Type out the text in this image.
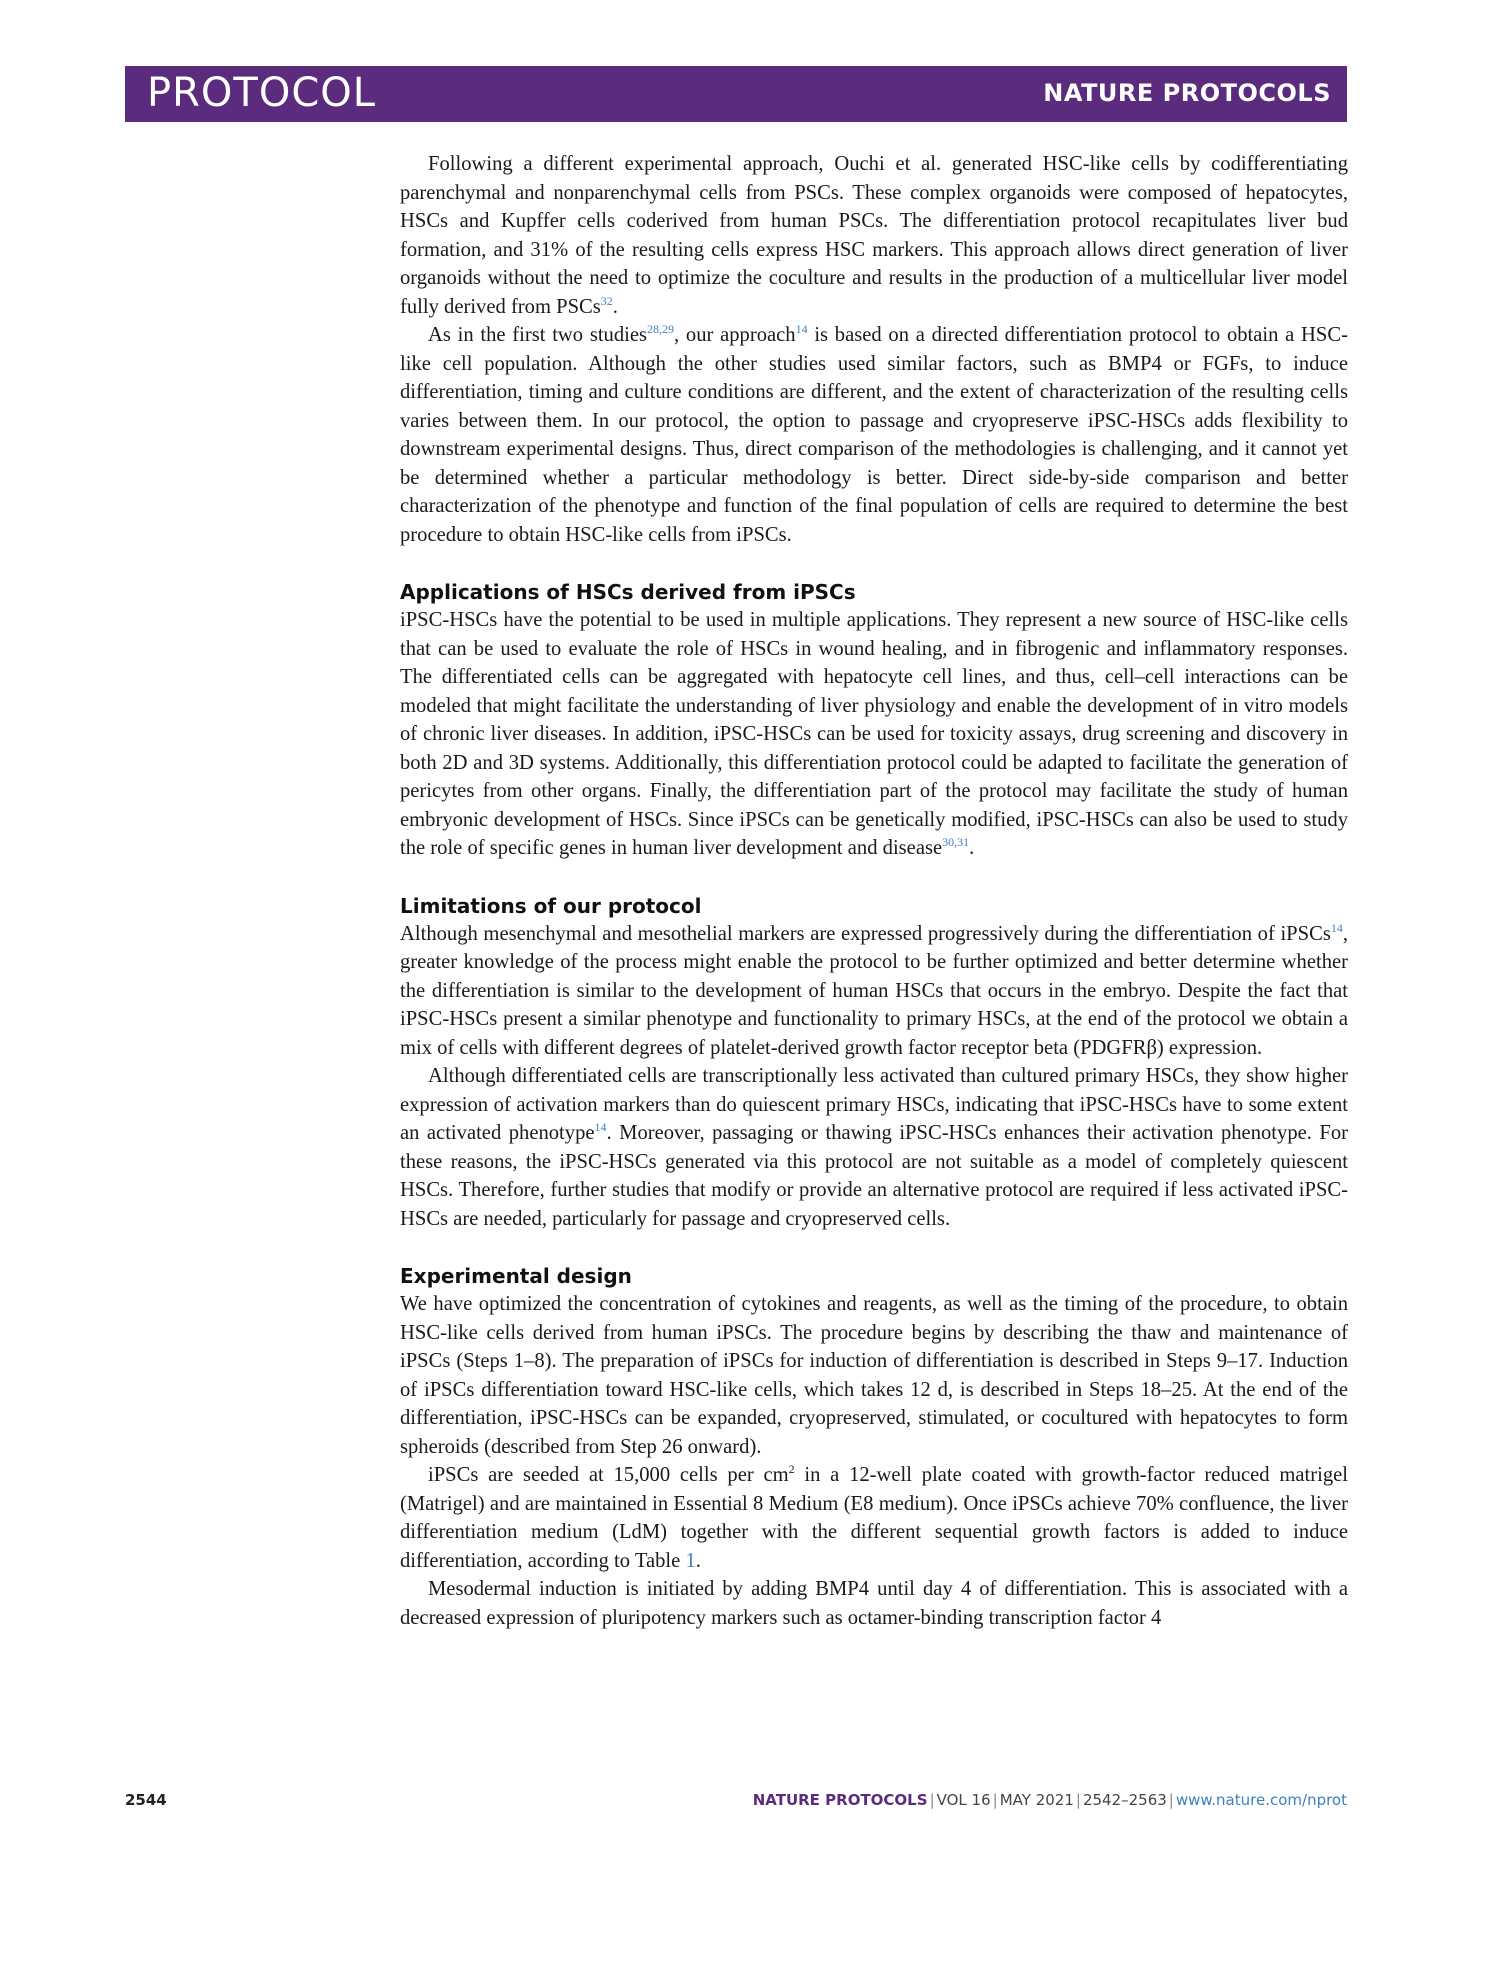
PROTOCOL	NATURE PROTOCOLS

Following a different experimental approach, Ouchi et al. generated HSC-like cells by codifferentiating parenchymal and nonparenchymal cells from PSCs. These complex organoids were composed of hepatocytes, HSCs and Kupffer cells coderived from human PSCs. The differentiation protocol recapitulates liver bud formation, and 31% of the resulting cells express HSC markers. This approach allows direct generation of liver organoids without the need to optimize the coculture and results in the production of a multicellular liver model fully derived from PSCs$^{32}$.

As in the first two studies$^{28,29}$, our approach$^{14}$ is based on a directed differentiation protocol to obtain a HSC-like cell population. Although the other studies used similar factors, such as BMP4 or FGFs, to induce differentiation, timing and culture conditions are different, and the extent of characterization of the resulting cells varies between them. In our protocol, the option to passage and cryopreserve iPSC-HSCs adds flexibility to downstream experimental designs. Thus, direct comparison of the methodologies is challenging, and it cannot yet be determined whether a particular methodology is better. Direct side-by-side comparison and better characterization of the phenotype and function of the final population of cells are required to determine the best procedure to obtain HSC-like cells from iPSCs.

Applications of HSCs derived from iPSCs

iPSC-HSCs have the potential to be used in multiple applications. They represent a new source of HSC-like cells that can be used to evaluate the role of HSCs in wound healing, and in fibrogenic and inflammatory responses. The differentiated cells can be aggregated with hepatocyte cell lines, and thus, cell–cell interactions can be modeled that might facilitate the understanding of liver physiology and enable the development of in vitro models of chronic liver diseases. In addition, iPSC-HSCs can be used for toxicity assays, drug screening and discovery in both 2D and 3D systems. Additionally, this differentiation protocol could be adapted to facilitate the generation of pericytes from other organs. Finally, the differentiation part of the protocol may facilitate the study of human embryonic development of HSCs. Since iPSCs can be genetically modified, iPSC-HSCs can also be used to study the role of specific genes in human liver development and disease$^{30,31}$.

Limitations of our protocol

Although mesenchymal and mesothelial markers are expressed progressively during the differentiation of iPSCs$^{14}$, greater knowledge of the process might enable the protocol to be further optimized and better determine whether the differentiation is similar to the development of human HSCs that occurs in the embryo. Despite the fact that iPSC-HSCs present a similar phenotype and functionality to primary HSCs, at the end of the protocol we obtain a mix of cells with different degrees of platelet-derived growth factor receptor beta (PDGFRβ) expression.

Although differentiated cells are transcriptionally less activated than cultured primary HSCs, they show higher expression of activation markers than do quiescent primary HSCs, indicating that iPSC-HSCs have to some extent an activated phenotype$^{14}$. Moreover, passaging or thawing iPSC-HSCs enhances their activation phenotype. For these reasons, the iPSC-HSCs generated via this protocol are not suitable as a model of completely quiescent HSCs. Therefore, further studies that modify or provide an alternative protocol are required if less activated iPSC-HSCs are needed, particularly for passage and cryopreserved cells.

Experimental design

We have optimized the concentration of cytokines and reagents, as well as the timing of the procedure, to obtain HSC-like cells derived from human iPSCs. The procedure begins by describing the thaw and maintenance of iPSCs (Steps 1–8). The preparation of iPSCs for induction of differentiation is described in Steps 9–17. Induction of iPSCs differentiation toward HSC-like cells, which takes 12 d, is described in Steps 18–25. At the end of the differentiation, iPSC-HSCs can be expanded, cryopreserved, stimulated, or cocultured with hepatocytes to form spheroids (described from Step 26 onward).

iPSCs are seeded at 15,000 cells per $cm^2$ in a 12-well plate coated with growth-factor reduced matrigel (Matrigel) and are maintained in Essential 8 Medium (E8 medium). Once iPSCs achieve 70% confluence, the liver differentiation medium (LdM) together with the different sequential growth factors is added to induce differentiation, according to Table 1.

Mesodermal induction is initiated by adding BMP4 until day 4 of differentiation. This is associated with a decreased expression of pluripotency markers such as octamer-binding transcription factor 4

2544	NATURE PROTOCOLS | VOL 16 | MAY 2021 | 2542–2563 | www.nature.com/nprot
